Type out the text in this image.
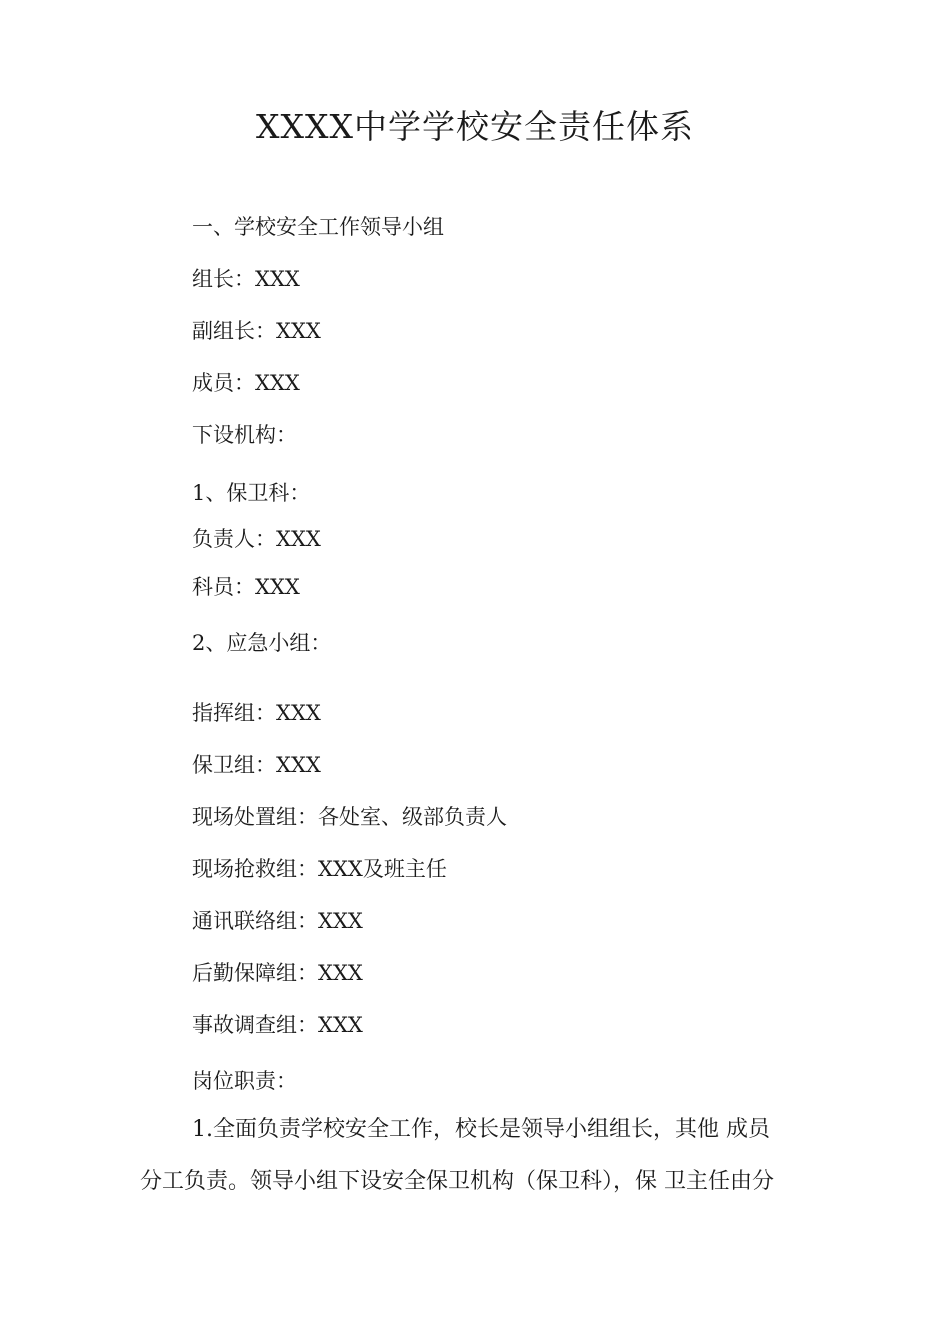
XXXX中学学校安全责任体系

一、学校安全工作领导小组

组长：XXX

副组长：XXX

成员：XXX

下设机构：

1、保卫科：

负责人：XXX

科员：XXX

2、应急小组：

指挥组：XXX

保卫组：XXX

现场处置组：各处室、级部负责人

现场抢救组：XXX及班主任

通讯联络组：XXX

后勤保障组：XXX

事故调查组：XXX

岗位职责：

1.全面负责学校安全工作，校长是领导小组组长，其他 成员

分工负责。领导小组下设安全保卫机构（保卫科），保 卫主任由分
